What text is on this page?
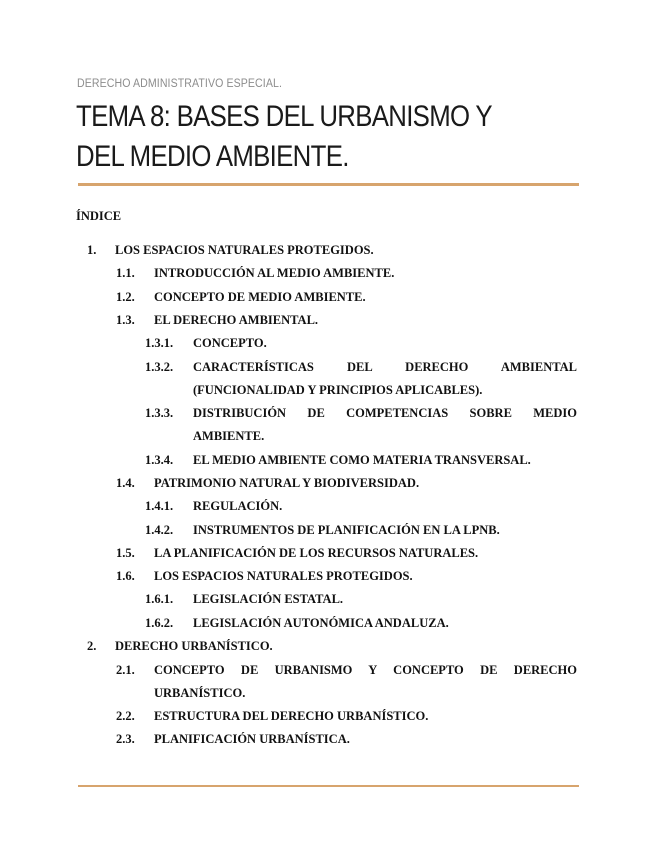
DERECHO ADMINISTRATIVO ESPECIAL.
TEMA 8: BASES DEL URBANISMO Y DEL MEDIO AMBIENTE.
ÍNDICE
1. LOS ESPACIOS NATURALES PROTEGIDOS.
1.1. INTRODUCCIÓN AL MEDIO AMBIENTE.
1.2. CONCEPTO DE MEDIO AMBIENTE.
1.3. EL DERECHO AMBIENTAL.
1.3.1. CONCEPTO.
1.3.2. CARACTERÍSTICAS DEL DERECHO AMBIENTAL
(FUNCIONALIDAD Y PRINCIPIOS APLICABLES).
1.3.3. DISTRIBUCIÓN DE COMPETENCIAS SOBRE MEDIO
AMBIENTE.
1.3.4. EL MEDIO AMBIENTE COMO MATERIA TRANSVERSAL.
1.4. PATRIMONIO NATURAL Y BIODIVERSIDAD.
1.4.1. REGULACIÓN.
1.4.2. INSTRUMENTOS DE PLANIFICACIÓN EN LA LPNB.
1.5. LA PLANIFICACIÓN DE LOS RECURSOS NATURALES.
1.6. LOS ESPACIOS NATURALES PROTEGIDOS.
1.6.1. LEGISLACIÓN ESTATAL.
1.6.2. LEGISLACIÓN AUTONÓMICA ANDALUZA.
2. DERECHO URBANÍSTICO.
2.1. CONCEPTO DE URBANISMO Y CONCEPTO DE DERECHO
URBANÍSTICO.
2.2. ESTRUCTURA DEL DERECHO URBANÍSTICO.
2.3. PLANIFICACIÓN URBANÍSTICA.
